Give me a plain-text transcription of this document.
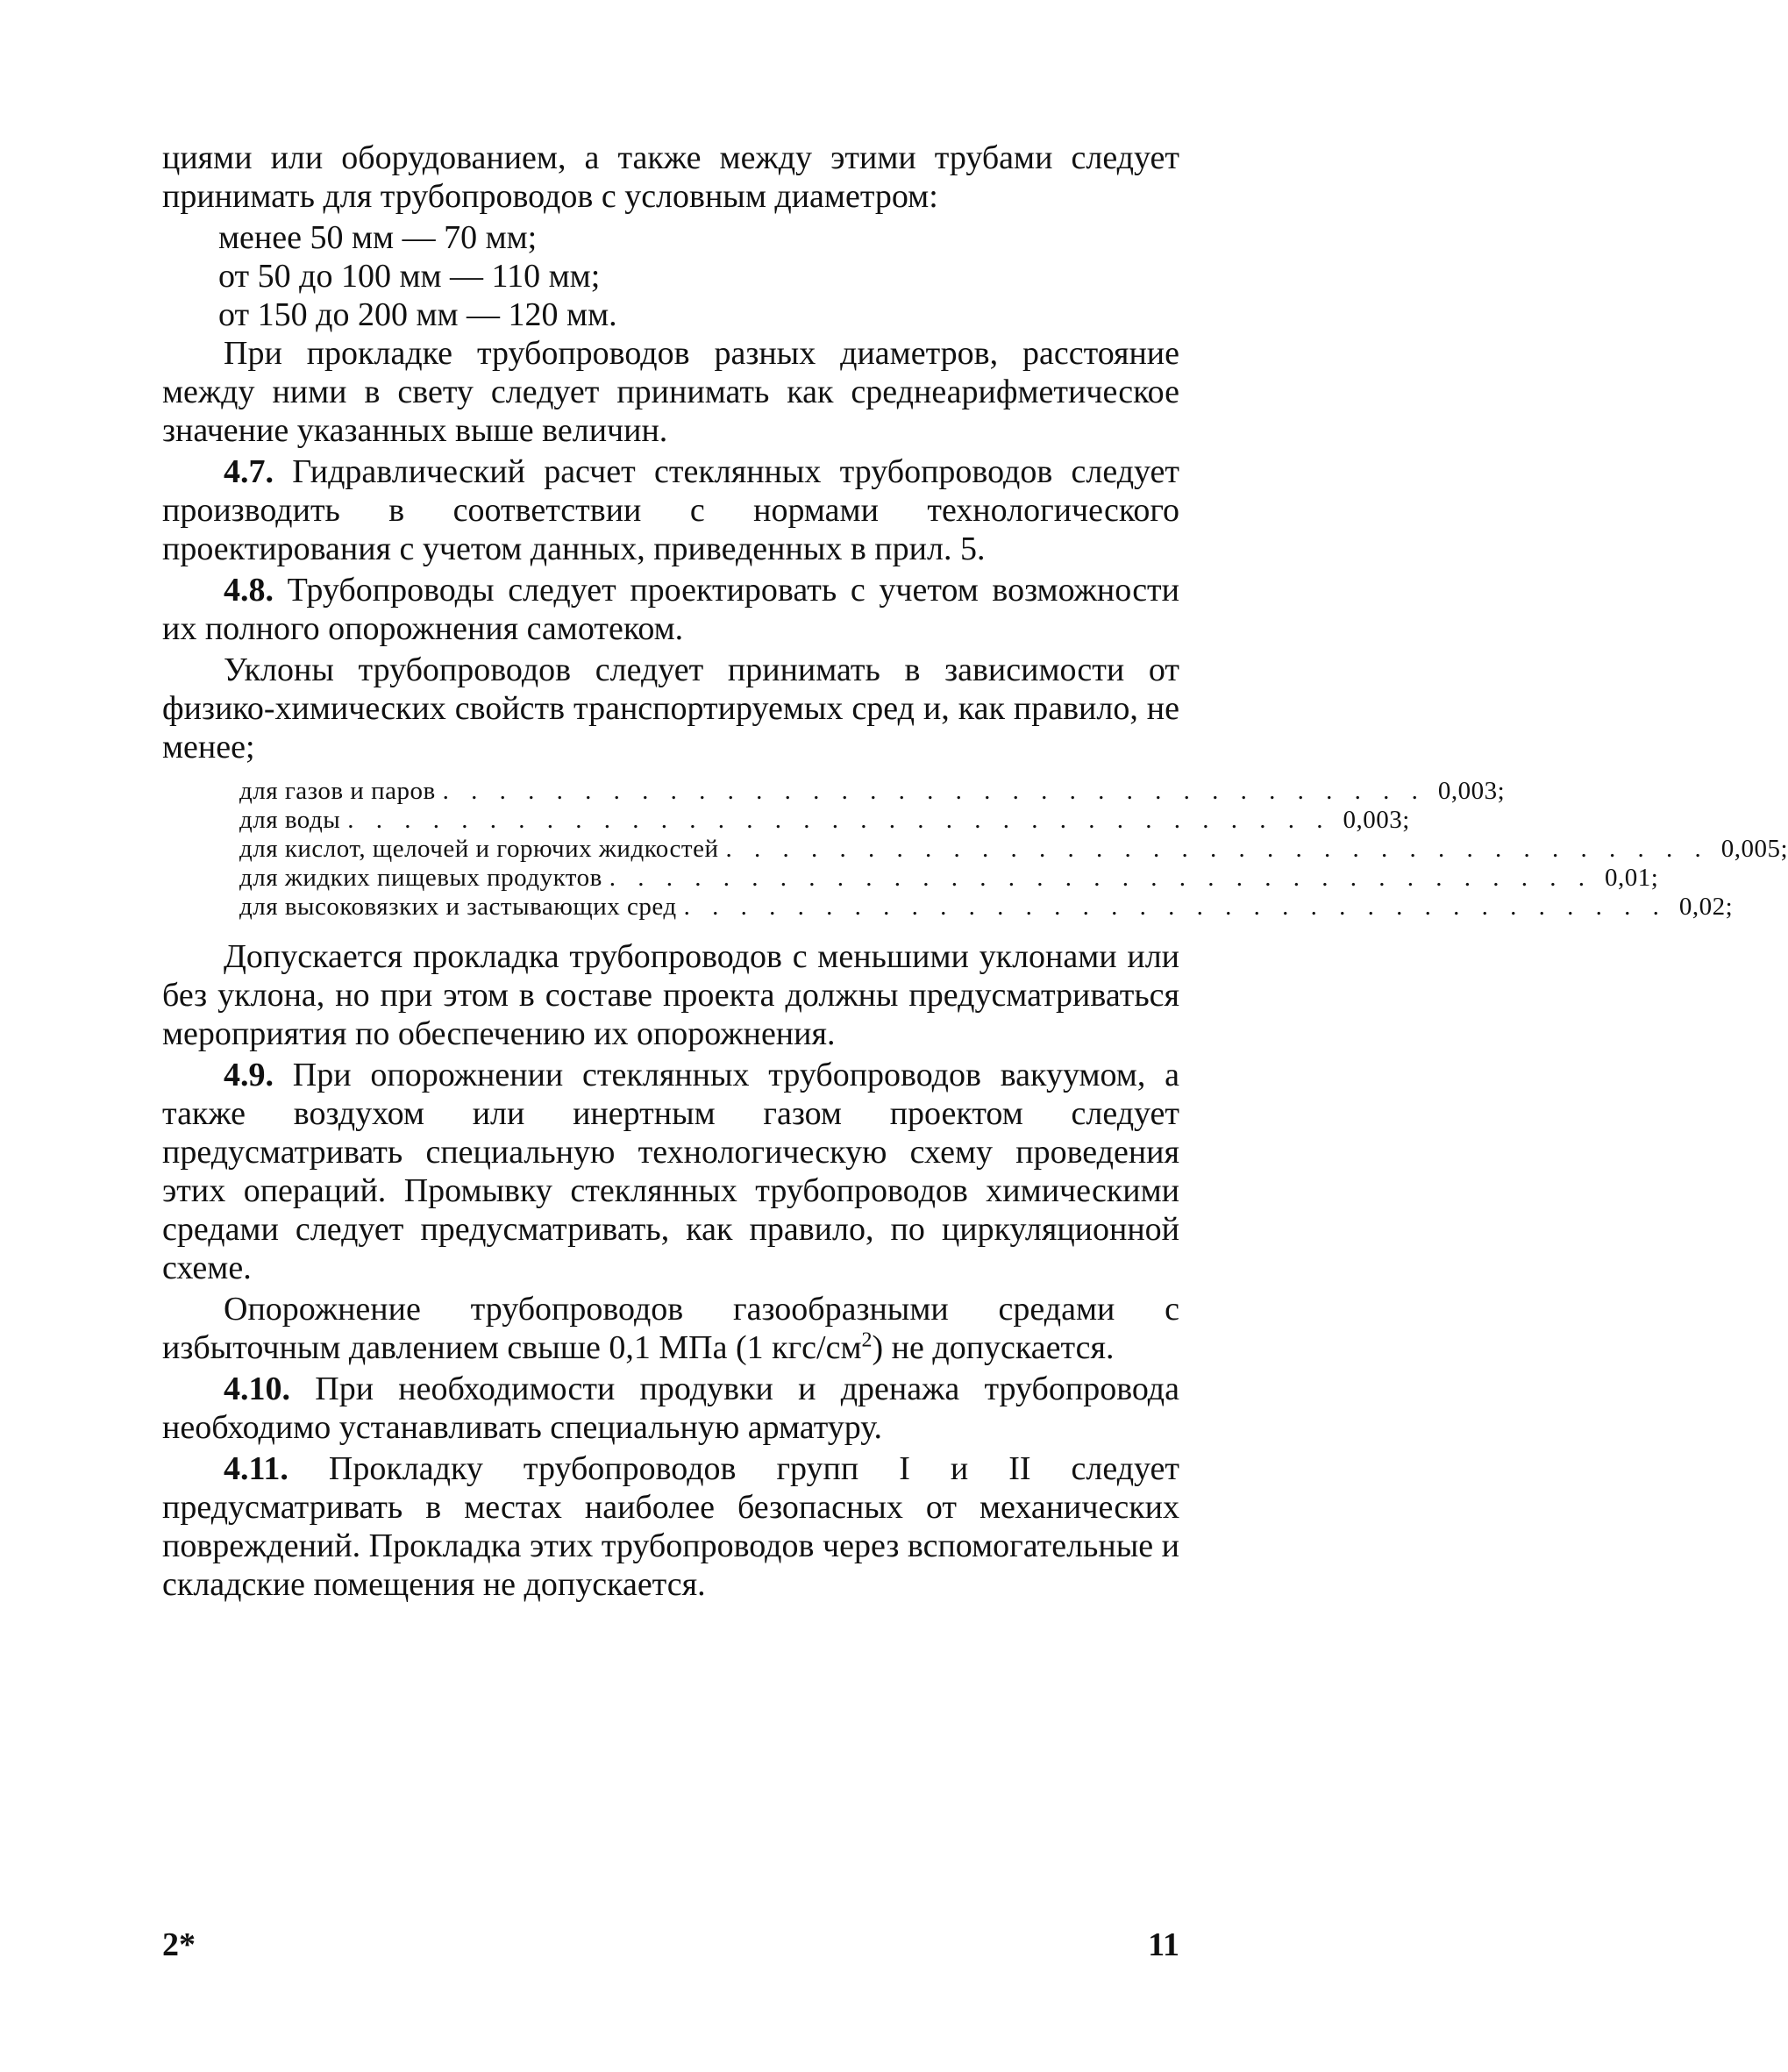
циями или оборудованием, а также между этими трубами следует принимать для трубопроводов с условным диаметром:

менее 50 мм — 70 мм;

от 50 до 100 мм — 110 мм;

от 150 до 200 мм — 120 мм.

При прокладке трубопроводов разных диаметров, расстояние между ними в свету следует принимать как среднеарифметическое значение указанных выше величин.

4.7. Гидравлический расчет стеклянных трубопроводов следует производить в соответствии с нормами технологического проектирования с учетом данных, приведенных в прил. 5.

4.8. Трубопроводы следует проектировать с учетом возможности их полного опорожнения самотеком.

Уклоны трубопроводов следует принимать в зависимости от физико-химических свойств транспортируемых сред и, как правило, не менее;

для газов и паров . . . . . . . . . . . . . . . . . . . . . . . . . . . . . . . . . . . 0,003;
для воды . . . . . . . . . . . . . . . . . . . . . . . . . . . . . . . . . . . 0,003;
для кислот, щелочей и горючих жидкостей . . . . . . . . . . . . . . . . . . . . . . . . . . . . . . . . . . . 0,005;
для жидких пищевых продуктов . . . . . . . . . . . . . . . . . . . . . . . . . . . . . . . . . . . 0,01;
для высоковязких и застывающих сред . . . . . . . . . . . . . . . . . . . . . . . . . . . . . . . . . . . 0,02;

Допускается прокладка трубопроводов с меньшими уклонами или без уклона, но при этом в составе проекта должны предусматриваться мероприятия по обеспечению их опорожнения.

4.9. При опорожнении стеклянных трубопроводов вакуумом, а также воздухом или инертным газом проектом следует предусматривать специальную технологическую схему проведения этих операций. Промывку стеклянных трубопроводов химическими средами следует предусматривать, как правило, по циркуляционной схеме.

Опорожнение трубопроводов газообразными средами с избыточным давлением свыше 0,1 МПа (1 кгс/$см^2$) не допускается.

4.10. При необходимости продувки и дренажа трубопровода необходимо устанавливать специальную арматуру.

4.11. Прокладку трубопроводов групп I и II следует предусматривать в местах наиболее безопасных от механических повреждений. Прокладка этих трубопроводов через вспомогательные и складские помещения не допускается.

2*	11
